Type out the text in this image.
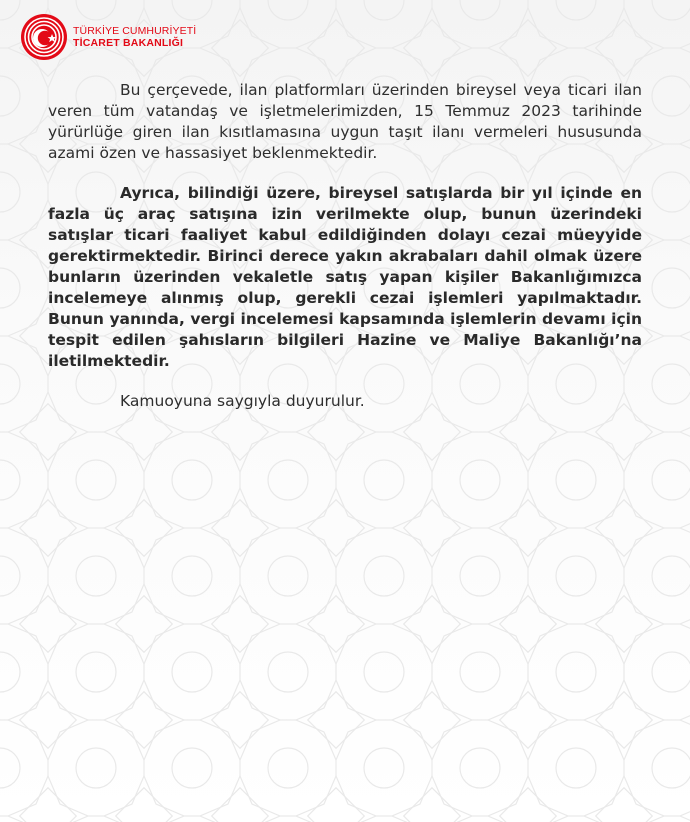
TÜRKİYE CUMHURİYETİ
TİCARET BAKANLIĞI

Bu çerçevede, ilan platformları üzerinden bireysel veya ticari ilan veren tüm vatandaş ve işletmelerimizden, 15 Temmuz 2023 tarihinde yürürlüğe giren ilan kısıtlamasına uygun taşıt ilanı vermeleri hususunda azami özen ve hassasiyet beklenmektedir.

Ayrıca, bilindiği üzere, bireysel satışlarda bir yıl içinde en fazla üç araç satışına izin verilmekte olup, bunun üzerindeki satışlar ticari faaliyet kabul edildiğinden dolayı cezai müeyyide gerektirmektedir. Birinci derece yakın akrabaları dahil olmak üzere bunların üzerinden vekaletle satış yapan kişiler Bakanlığımızca incelemeye alınmış olup, gerekli cezai işlemleri yapılmaktadır. Bunun yanında, vergi incelemesi kapsamında işlemlerin devamı için tespit edilen şahısların bilgileri Hazine ve Maliye Bakanlığı’na iletilmektedir.

Kamuoyuna saygıyla duyurulur.
